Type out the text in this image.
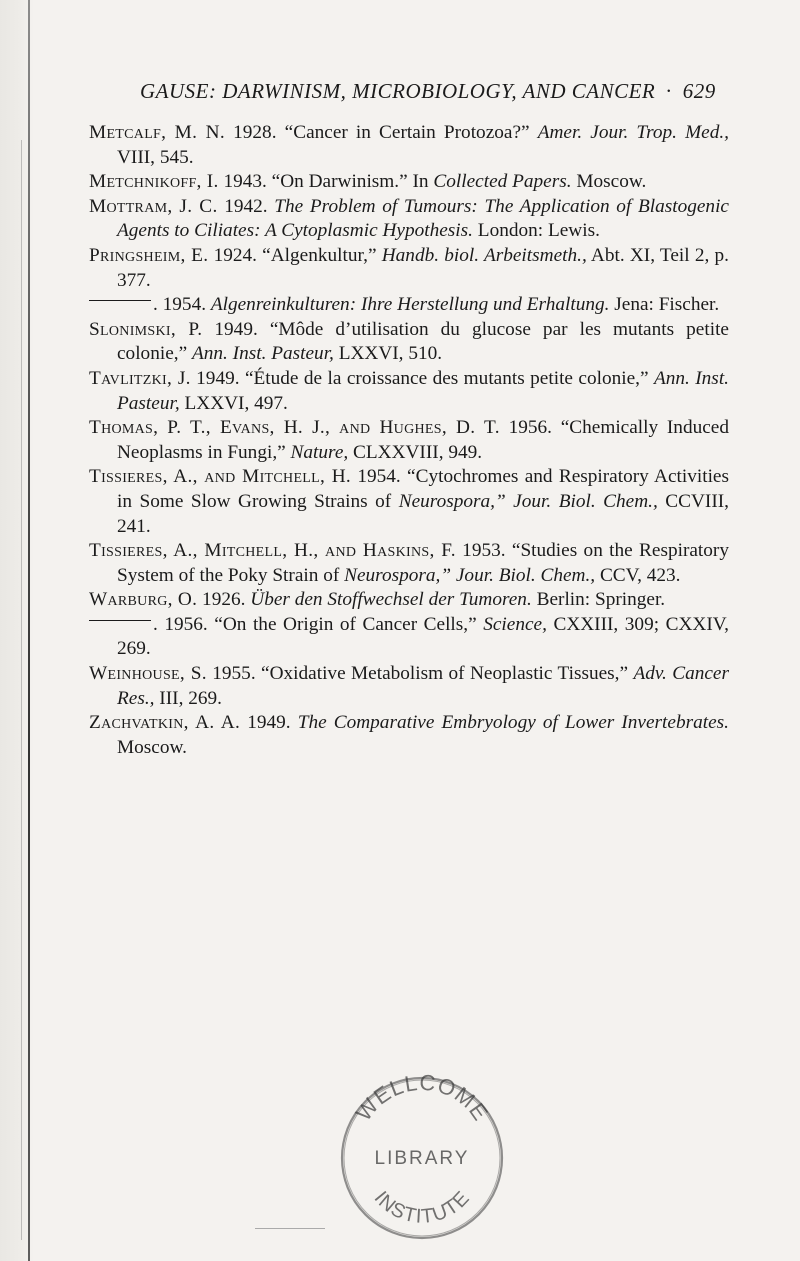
GAUSE: DARWINISM, MICROBIOLOGY, AND CANCER · 629

Metcalf, M. N. 1928. “Cancer in Certain Protozoa?” Amer. Jour. Trop. Med., VIII, 545.

Metchnikoff, I. 1943. “On Darwinism.” In Collected Papers. Moscow.

Mottram, J. C. 1942. The Problem of Tumours: The Application of Blastogenic Agents to Ciliates: A Cytoplasmic Hypothesis. London: Lewis.

Pringsheim, E. 1924. “Algenkultur,” Handb. biol. Arbeitsmeth., Abt. XI, Teil 2, p. 377.

. 1954. Algenreinkulturen: Ihre Herstellung und Erhaltung. Jena: Fischer.

Slonimski, P. 1949. “Môde d’utilisation du glucose par les mutants petite colonie,” Ann. Inst. Pasteur, LXXVI, 510.

Tavlitzki, J. 1949. “Étude de la croissance des mutants petite colonie,” Ann. Inst. Pasteur, LXXVI, 497.

Thomas, P. T., Evans, H. J., and Hughes, D. T. 1956. “Chemically Induced Neoplasms in Fungi,” Nature, CLXXVIII, 949.

Tissieres, A., and Mitchell, H. 1954. “Cytochromes and Respiratory Activities in Some Slow Growing Strains of Neurospora,” Jour. Biol. Chem., CCVIII, 241.

Tissieres, A., Mitchell, H., and Haskins, F. 1953. “Studies on the Respiratory System of the Poky Strain of Neurospora,” Jour. Biol. Chem., CCV, 423.

Warburg, O. 1926. Über den Stoffwechsel der Tumoren. Berlin: Springer.

. 1956. “On the Origin of Cancer Cells,” Science, CXXIII, 309; CXXIV, 269.

Weinhouse, S. 1955. “Oxidative Metabolism of Neoplastic Tissues,” Adv. Cancer Res., III, 269.

Zachvatkin, A. A. 1949. The Comparative Embryology of Lower Invertebrates. Moscow.

WELLCOME
LIBRARY
INSTITUTE
